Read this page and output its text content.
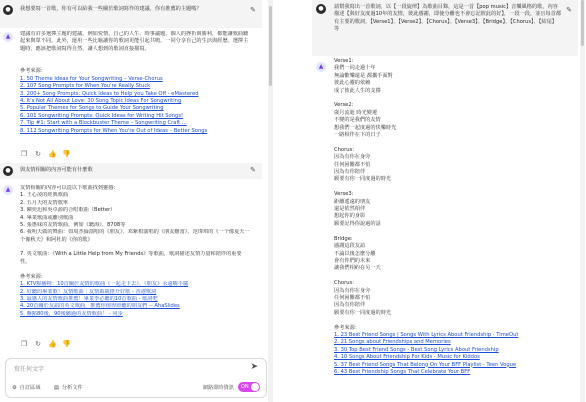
●	我想要寫一首歌，你有可以給我一些關於歌詞寫作的建議，你有推薦的主題嗎？	✎
▲	建議有許多選擇主題的建議，例如愛情、自己的人生、時事議題、個人的挫折與勝利，都能讓歌曲聽起來與眾不同。此外，運用一些比喻讓你的歌詞更能引起共鳴，一同分享自己的生活與經歷。選擇主題時，應該把歌詞寫得自然，讓人想到的歌詞直接描寫。
參考來源：
1. 50 Theme Ideas for Your Songwriting – Verse-Chorus
2. 107 Song Prompts for When You're Really Stuck
3. 200+ Song Prompts: Quick Ideas to Help you Take Off - eMastered
4. It's Not All About Love: 30 Song Topic Ideas For Songwriting
5. Popular Themes for Songs to Guide Your Songwriting
6. 101 Songwriting Prompts: Quick Ideas for Writing Hit Songs!
7. Tip #1: Start with a Blockbuster Theme – Songwriting Craft ...
8. 112 Songwriting Prompts for When You're Out of Ideas – Better Songs
❐ ↻ 👍 👎
●	與友情相關的內容可能有什麼歌	✎
▲	友情相關的內容可以從以下歌曲找到靈感：
1. 王心凌的經典歌曲
2. 五月天的友情歌單
3. 陳奕迅和吳卓源的合唱歌曲（Better）
4. 畢業歌曲或離別歌曲
5. 張惠妹的友情歌曲，例如《聽海》、8708等
6. 我明天做的舞曲：如周杰倫演唱的《朋友》、邓紫棋演唱的《朋友難當》，范瑋琪的《一个像夏天一个像秋天》和阿杜的《你的歌》
7. 英文歌曲：《With a Little Help from My Friends》等歌曲，歌詞描述友情力量和陪伴的重要性。
參考來源：
1. KTV點播榜：10首關於友情的歌曲《一起走下去》、《朋友》永遠嗨不膩
2. 好聽的畢業歌！友情歌曲｜友情萬歲推介好歌 - 香港歌詞
3. 最感人的友情歌曲推薦！畢業季必聽的10首歌曲 - 歌詞吧
4. 20首關於友誼的英文歌曲，推薦你值得聆聽的朋友們 -- AhaSlides
5. 盤點80後，90後聽過的友情歌曲！ - 同步
❐ ↻ 👍 👎
寫任何文字	➤
⚙ 自訂區域	▤ 分析文件	網路即時資訊 ON
●	請幫我寫出一首歌詞，以【一段旋律】為歌曲目錄，這是一首【pop music】音樂風格的歌，內容描述【與好友度過10年的友情，彼此感謝，即使分離也不會忘記彼此的好】，一段一段，並且每首都有主要的歌詞，【Verse1】、【Verse2】、【Chorus】、【Verse3】、【Bridge】、【Chorus】、【結尾】等
✎
▲
Verse1:
我們一同走過十年
無論歡樂還是 都攜手面對
彼此心靈的依賴
成了彼此人生的支撐
Verse2:
歲月流逝 時光變遷
不變的是我們的友情
想我們一起度過的快樂時光
一路相伴在下的日子
Chorus:
因為有你在身旁
任何困難都不怕
因為有你陪伴
願要有你一同度過的時光
Verse3:
距離遙遠的朋友
還是依然相伴
想起你的身影
願要記得你說過的話
Bridge:
感謝這段友誼
不論以後怎麼分離
會有你們的未來
讓我們相約在另一天
Chorus:
因為有你在身旁
任何困難都不怕
因為有你陪伴
願要有你一同度過的時光
參考來源：
1. 23 Best Friend Songs | Songs With Lyrics About Friendship - TimeOut
2. 21 Songs about Friendships and Memories
3. 30 Top Best Friend Songs - Best Song Lyrics About Friendship
4. 10 Songs About Friendship For Kids - Music for Kiddos
5. 37 Best Friend Songs That Belong On Your BFF Playlist - Teen Vogue
6. 43 Best Friendship Songs That Celebrate Your BFF
